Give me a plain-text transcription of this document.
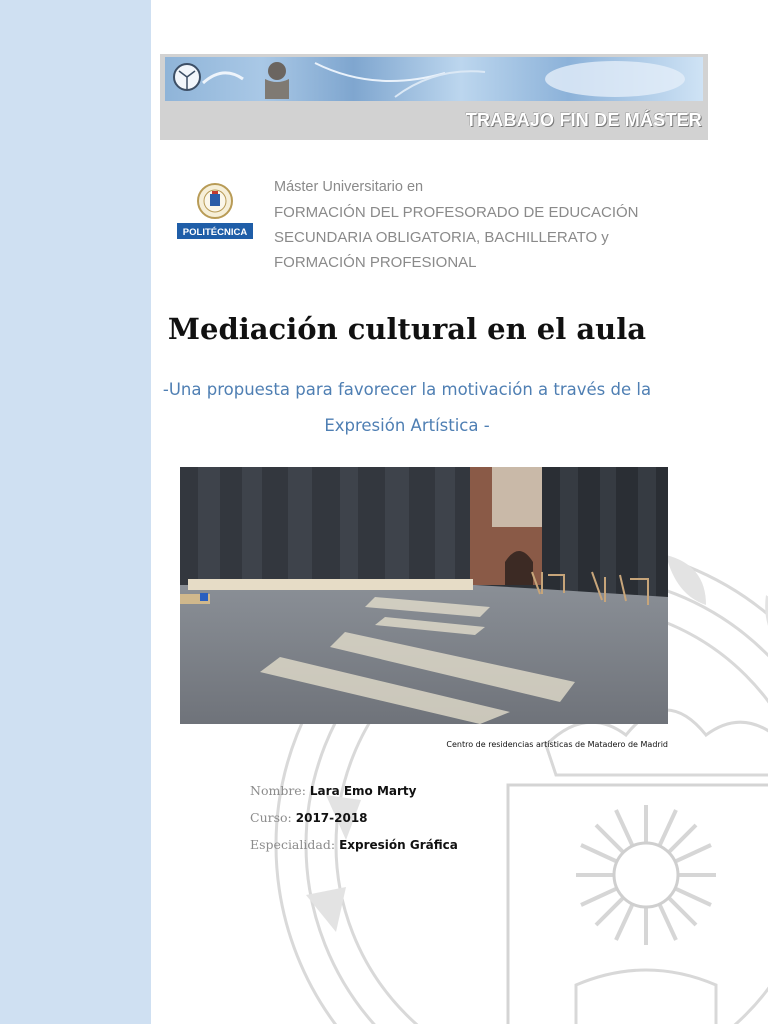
TRABAJO FIN DE MÁSTER
POLITÉCNICA
Máster Universitario en
FORMACIÓN DEL PROFESORADO DE EDUCACIÓN
SECUNDARIA OBLIGATORIA, BACHILLERATO y
FORMACIÓN PROFESIONAL
Mediación cultural en el aula
-Una propuesta para favorecer la motivación a través de la
Expresión Artística -
Centro de residencias artísticas de Matadero de Madrid
Nombre: Lara Emo Marty
Curso: 2017-2018
Especialidad: Expresión Gráfica
